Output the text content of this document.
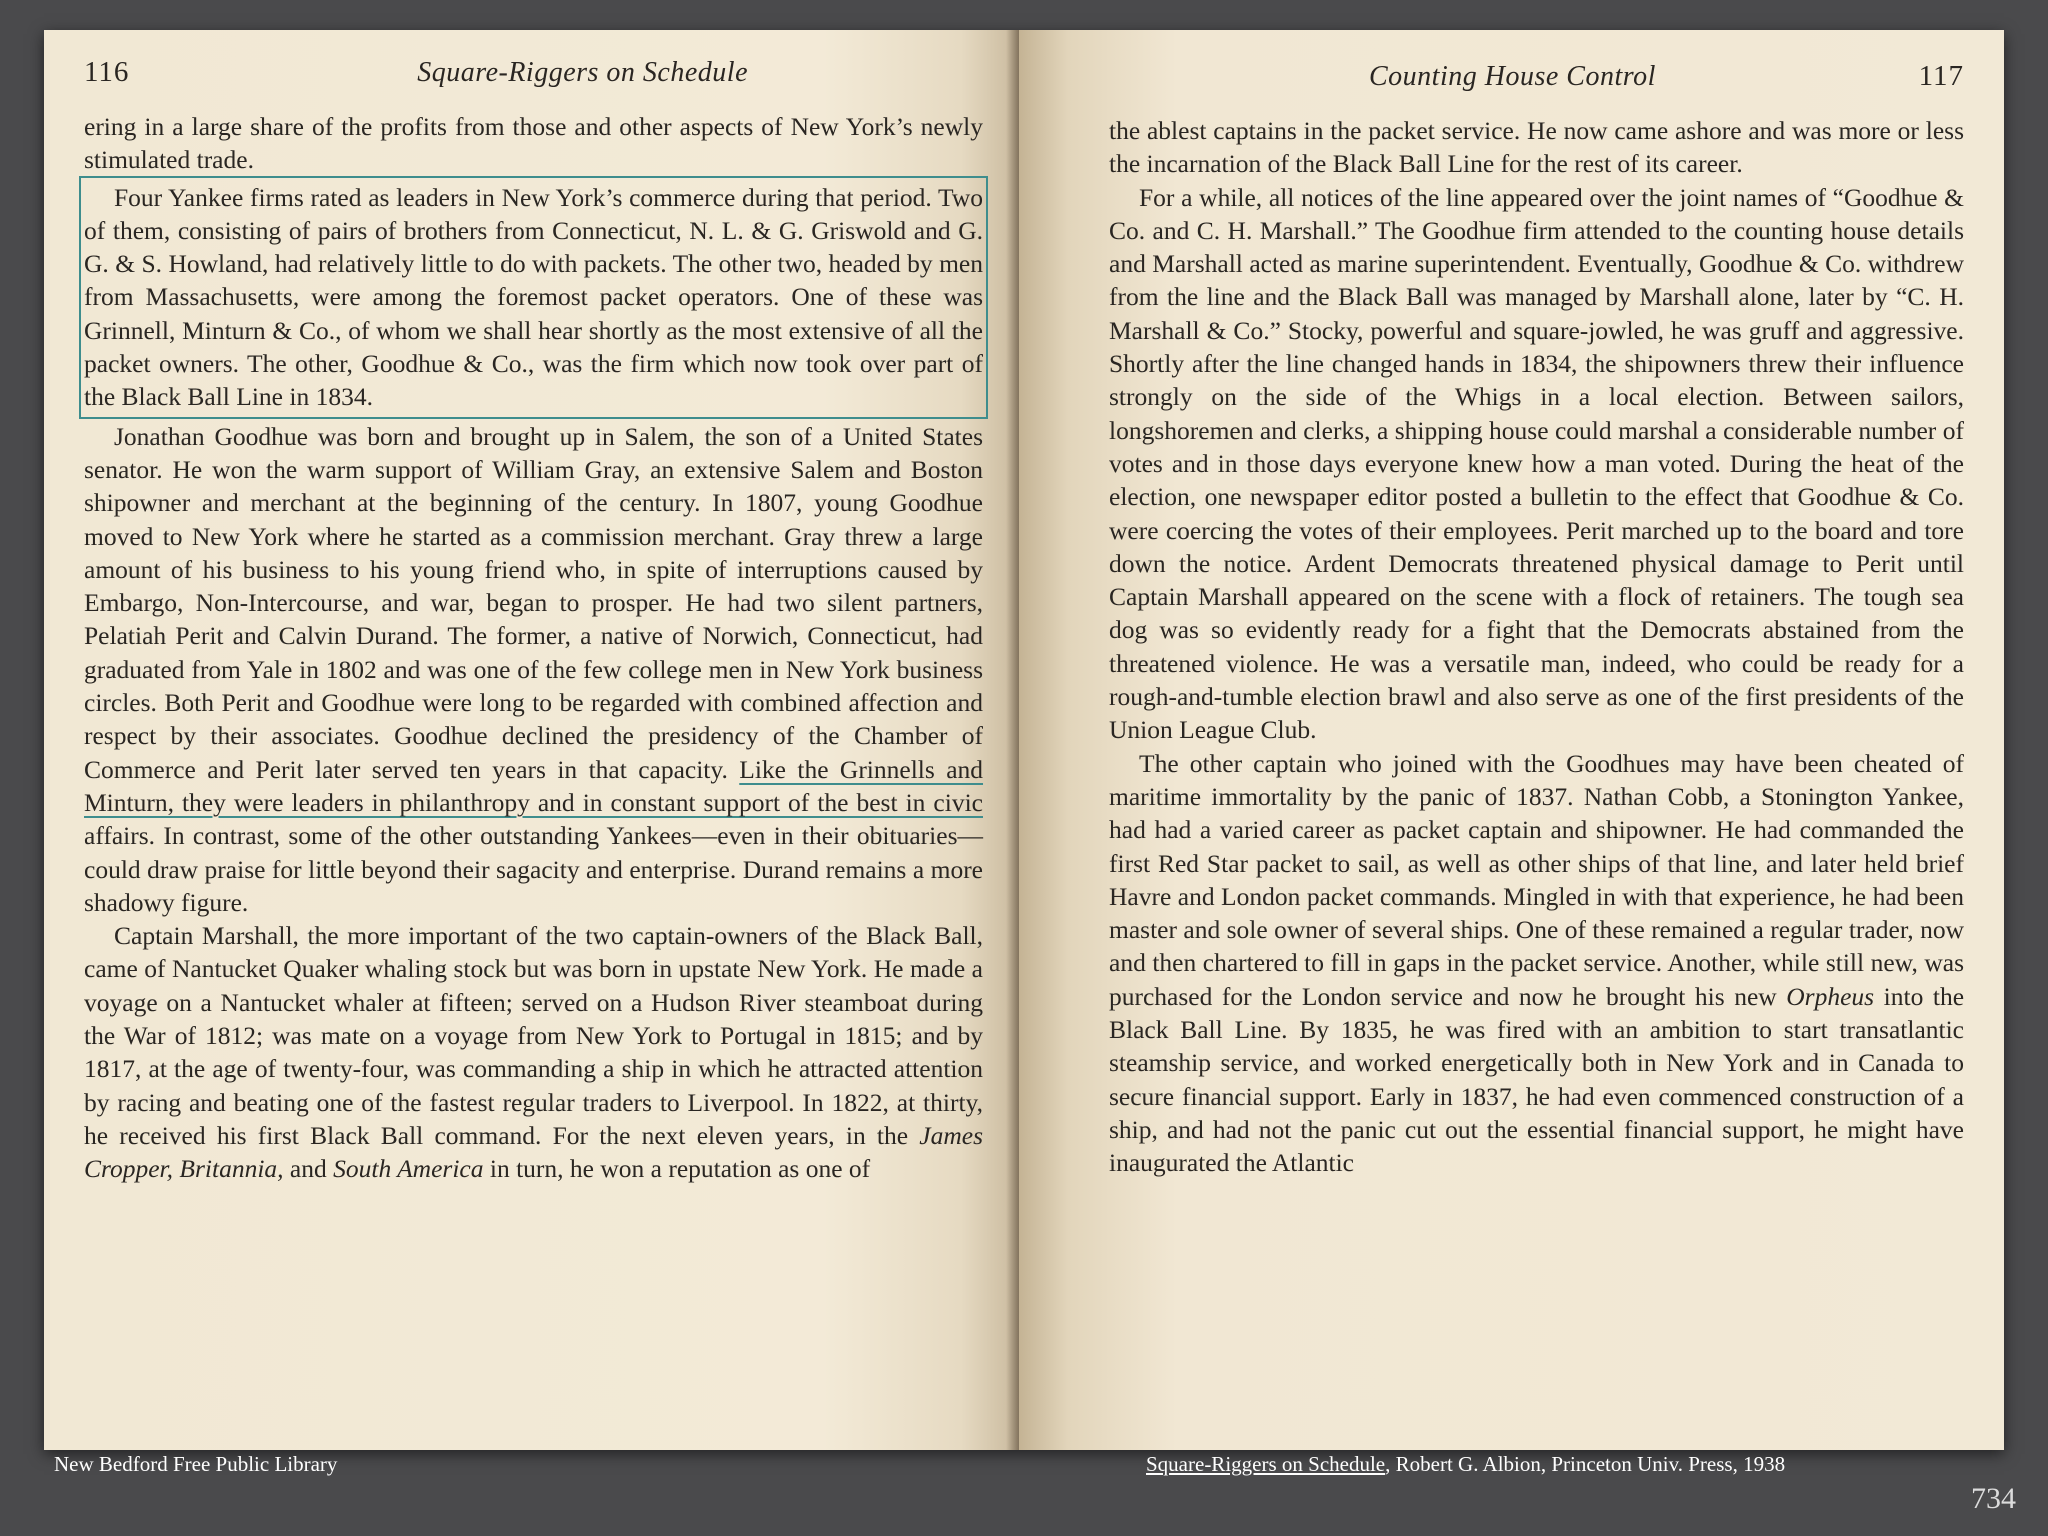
116	Square-Riggers on Schedule

ering in a large share of the profits from those and other aspects of New York’s newly stimulated trade.

Four Yankee firms rated as leaders in New York’s commerce during that period. Two of them, consisting of pairs of brothers from Connecticut, N. L. & G. Griswold and G. G. & S. Howland, had relatively little to do with packets. The other two, headed by men from Massachusetts, were among the foremost packet operators. One of these was Grinnell, Minturn & Co., of whom we shall hear shortly as the most extensive of all the packet owners. The other, Goodhue & Co., was the firm which now took over part of the Black Ball Line in 1834.

Jonathan Goodhue was born and brought up in Salem, the son of a United States senator. He won the warm support of William Gray, an extensive Salem and Boston shipowner and merchant at the beginning of the century. In 1807, young Goodhue moved to New York where he started as a commission merchant. Gray threw a large amount of his business to his young friend who, in spite of interruptions caused by Embargo, Non-Intercourse, and war, began to prosper. He had two silent partners, Pelatiah Perit and Calvin Durand. The former, a native of Norwich, Connecticut, had graduated from Yale in 1802 and was one of the few college men in New York business circles. Both Perit and Goodhue were long to be regarded with combined affection and respect by their associates. Goodhue declined the presidency of the Chamber of Commerce and Perit later served ten years in that capacity. Like the Grinnells and Minturn, they were leaders in philanthropy and in constant support of the best in civic affairs. In contrast, some of the other outstanding Yankees—even in their obituaries—could draw praise for little beyond their sagacity and enterprise. Durand remains a more shadowy figure.

Captain Marshall, the more important of the two captain-owners of the Black Ball, came of Nantucket Quaker whaling stock but was born in upstate New York. He made a voyage on a Nantucket whaler at fifteen; served on a Hudson River steamboat during the War of 1812; was mate on a voyage from New York to Portugal in 1815; and by 1817, at the age of twenty-four, was commanding a ship in which he attracted attention by racing and beating one of the fastest regular traders to Liverpool. In 1822, at thirty, he received his first Black Ball command. For the next eleven years, in the James Cropper, Britannia, and South America in turn, he won a reputation as one of

Counting House Control	117

the ablest captains in the packet service. He now came ashore and was more or less the incarnation of the Black Ball Line for the rest of its career.

For a while, all notices of the line appeared over the joint names of “Goodhue & Co. and C. H. Marshall.” The Goodhue firm attended to the counting house details and Marshall acted as marine superintendent. Eventually, Goodhue & Co. withdrew from the line and the Black Ball was managed by Marshall alone, later by “C. H. Marshall & Co.” Stocky, powerful and square-jowled, he was gruff and aggressive. Shortly after the line changed hands in 1834, the shipowners threw their influence strongly on the side of the Whigs in a local election. Between sailors, longshoremen and clerks, a shipping house could marshal a considerable number of votes and in those days everyone knew how a man voted. During the heat of the election, one newspaper editor posted a bulletin to the effect that Goodhue & Co. were coercing the votes of their employees. Perit marched up to the board and tore down the notice. Ardent Democrats threatened physical damage to Perit until Captain Marshall appeared on the scene with a flock of retainers. The tough sea dog was so evidently ready for a fight that the Democrats abstained from the threatened violence. He was a versatile man, indeed, who could be ready for a rough-and-tumble election brawl and also serve as one of the first presidents of the Union League Club.

The other captain who joined with the Goodhues may have been cheated of maritime immortality by the panic of 1837. Nathan Cobb, a Stonington Yankee, had had a varied career as packet captain and shipowner. He had commanded the first Red Star packet to sail, as well as other ships of that line, and later held brief Havre and London packet commands. Mingled in with that experience, he had been master and sole owner of several ships. One of these remained a regular trader, now and then chartered to fill in gaps in the packet service. Another, while still new, was purchased for the London service and now he brought his new Orpheus into the Black Ball Line. By 1835, he was fired with an ambition to start transatlantic steamship service, and worked energetically both in New York and in Canada to secure financial support. Early in 1837, he had even commenced construction of a ship, and had not the panic cut out the essential financial support, he might have inaugurated the Atlantic

New Bedford Free Public Library	Square-Riggers on Schedule, Robert G. Albion, Princeton Univ. Press, 1938
734
